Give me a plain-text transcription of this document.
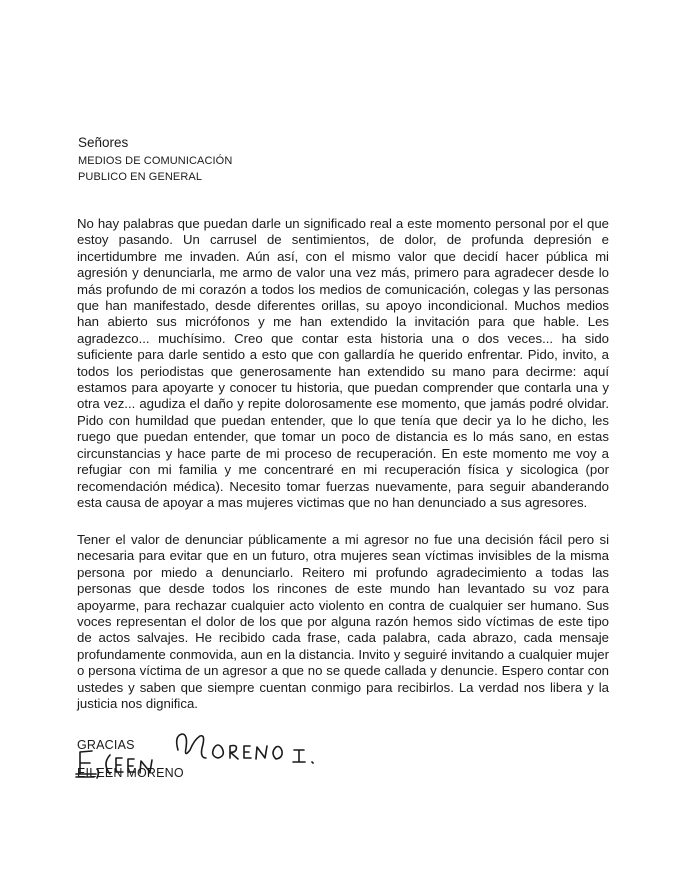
Señores
MEDIOS DE COMUNICACIÓN
PUBLICO EN GENERAL

No hay palabras que puedan darle un significado real a este momento personal por el que estoy pasando. Un carrusel de sentimientos, de dolor, de profunda depresión e incertidumbre me invaden. Aún así, con el mismo valor que decidí hacer pública mi agresión y denunciarla, me armo de valor una vez más, primero para agradecer desde lo más profundo de mi corazón a todos los medios de comunicación, colegas y las personas que han manifestado, desde diferentes orillas, su apoyo incondicional. Muchos medios han abierto sus micrófonos y me han extendido la invitación para que hable. Les agradezco... muchísimo. Creo que contar esta historia una o dos veces... ha sido suficiente para darle sentido a esto que con gallardía he querido enfrentar. Pido, invito, a todos los periodistas que generosamente han extendido su mano para decirme: aquí estamos para apoyarte y conocer tu historia, que puedan comprender que contarla una y otra vez... agudiza el daño y repite dolorosamente ese momento, que jamás podré olvidar. Pido con humildad que puedan entender, que lo que tenía que decir ya lo he dicho, les ruego que puedan entender, que tomar un poco de distancia es lo más sano, en estas circunstancias y hace parte de mi proceso de recuperación. En este momento me voy a refugiar con mi familia y me concentraré en mi recuperación física y sicologica (por recomendación médica). Necesito tomar fuerzas nuevamente, para seguir abanderando esta causa de apoyar a mas mujeres victimas que no han denunciado a sus agresores.

Tener el valor de denunciar públicamente a mi agresor no fue una decisión fácil pero si necesaria para evitar que en un futuro, otra mujeres sean víctimas invisibles de la misma persona por miedo a denunciarlo. Reitero mi profundo agradecimiento a todas las personas que desde todos los rincones de este mundo han levantado su voz para apoyarme, para rechazar cualquier acto violento en contra de cualquier ser humano. Sus voces representan el dolor de los que por alguna razón hemos sido víctimas de este tipo de actos salvajes. He recibido cada frase, cada palabra, cada abrazo, cada mensaje profundamente conmovida, aun en la distancia. Invito y seguiré invitando a cualquier mujer o persona víctima de un agresor a que no se quede callada y denuncie. Espero contar con ustedes y saben que siempre cuentan conmigo para recibirlos. La verdad nos libera y la justicia nos dignifica.

GRACIAS
EILEEN MORENO
